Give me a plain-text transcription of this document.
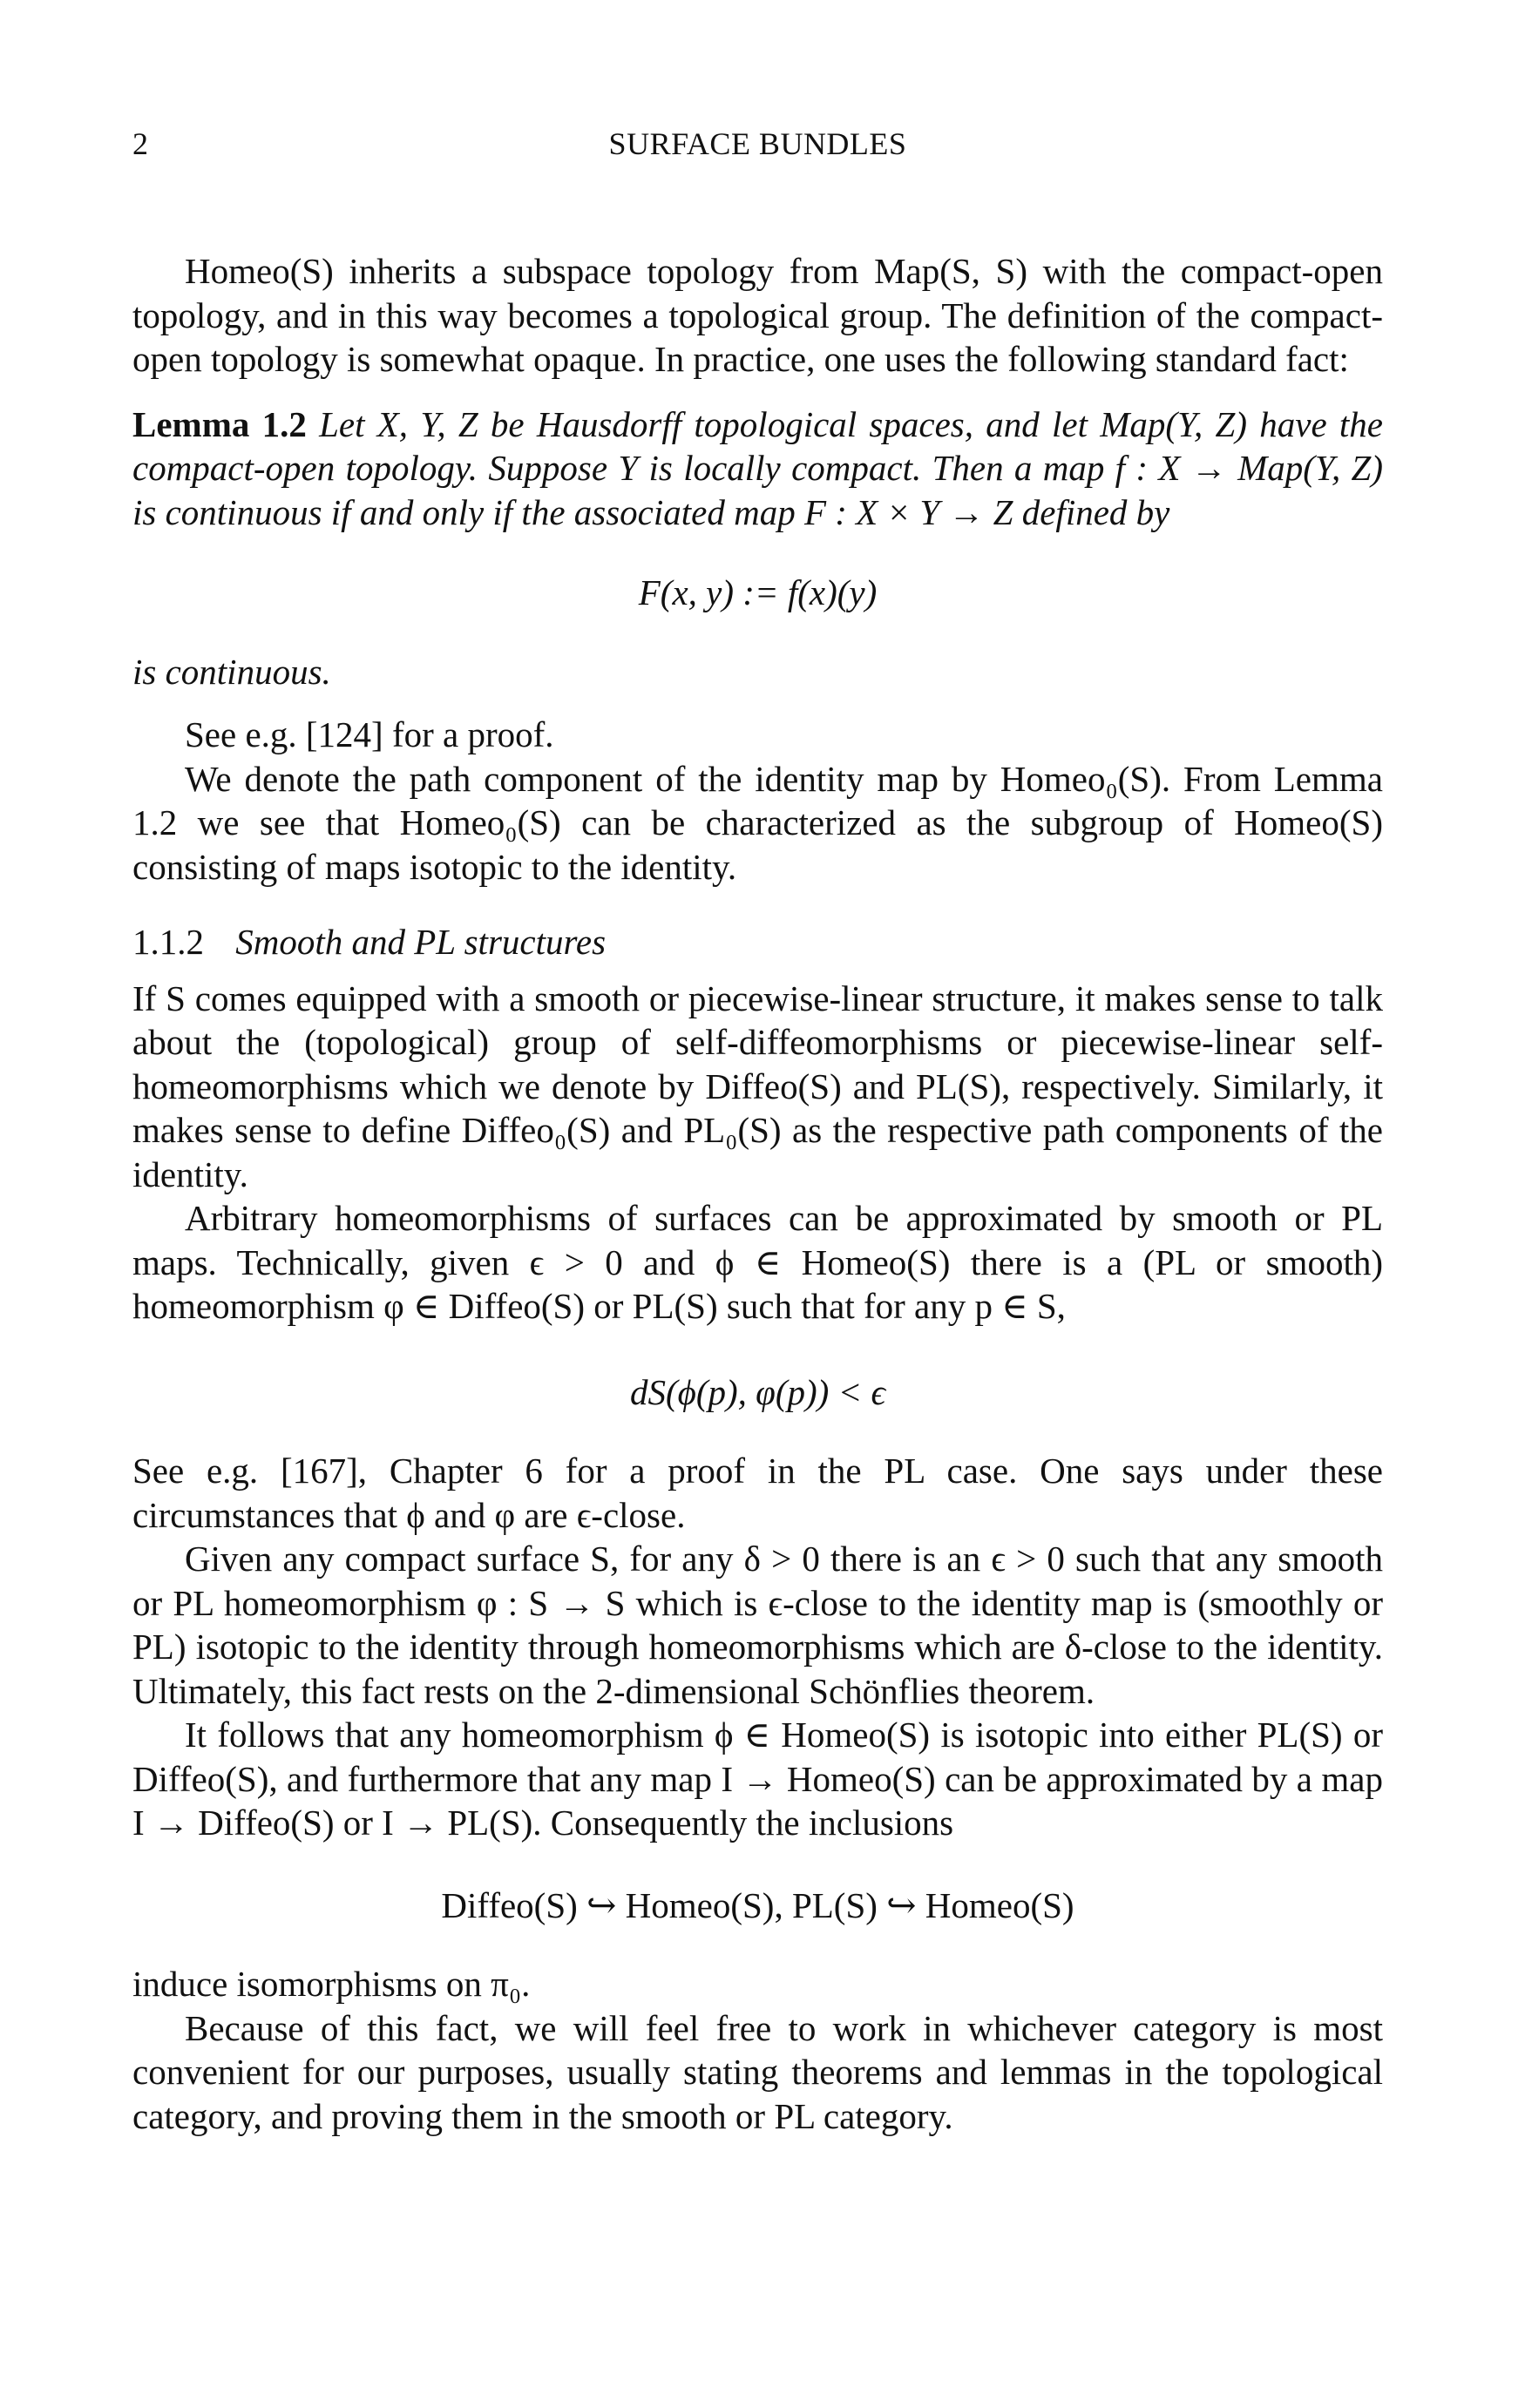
2	SURFACE BUNDLES

Homeo(S) inherits a subspace topology from Map(S, S) with the compact-open topology, and in this way becomes a topological group. The definition of the compact-open topology is somewhat opaque. In practice, one uses the following standard fact:

Lemma 1.2 Let X, Y, Z be Hausdorff topological spaces, and let Map(Y, Z) have the compact-open topology. Suppose Y is locally compact. Then a map f : X → Map(Y, Z) is continuous if and only if the associated map F : X × Y → Z defined by

F(x, y) := f(x)(y)

is continuous.

See e.g. [124] for a proof.

We denote the path component of the identity map by Homeo₀(S). From Lemma 1.2 we see that Homeo₀(S) can be characterized as the subgroup of Homeo(S) consisting of maps isotopic to the identity.

1.1.2 Smooth and PL structures

If S comes equipped with a smooth or piecewise-linear structure, it makes sense to talk about the (topological) group of self-diffeomorphisms or piecewise-linear self-homeomorphisms which we denote by Diffeo(S) and PL(S), respectively. Similarly, it makes sense to define Diffeo₀(S) and PL₀(S) as the respective path components of the identity.

Arbitrary homeomorphisms of surfaces can be approximated by smooth or PL maps. Technically, given ϵ > 0 and ϕ ∈ Homeo(S) there is a (PL or smooth) homeomorphism φ ∈ Diffeo(S) or PL(S) such that for any p ∈ S,

dS(ϕ(p), φ(p)) < ϵ

See e.g. [167], Chapter 6 for a proof in the PL case. One says under these circumstances that ϕ and φ are ϵ-close.

Given any compact surface S, for any δ > 0 there is an ϵ > 0 such that any smooth or PL homeomorphism φ : S → S which is ϵ-close to the identity map is (smoothly or PL) isotopic to the identity through homeomorphisms which are δ-close to the identity. Ultimately, this fact rests on the 2-dimensional Schönflies theorem.

It follows that any homeomorphism ϕ ∈ Homeo(S) is isotopic into either PL(S) or Diffeo(S), and furthermore that any map I → Homeo(S) can be approximated by a map I → Diffeo(S) or I → PL(S). Consequently the inclusions

Diffeo(S) ↪ Homeo(S), PL(S) ↪ Homeo(S)

induce isomorphisms on π₀.

Because of this fact, we will feel free to work in whichever category is most convenient for our purposes, usually stating theorems and lemmas in the topological category, and proving them in the smooth or PL category.
